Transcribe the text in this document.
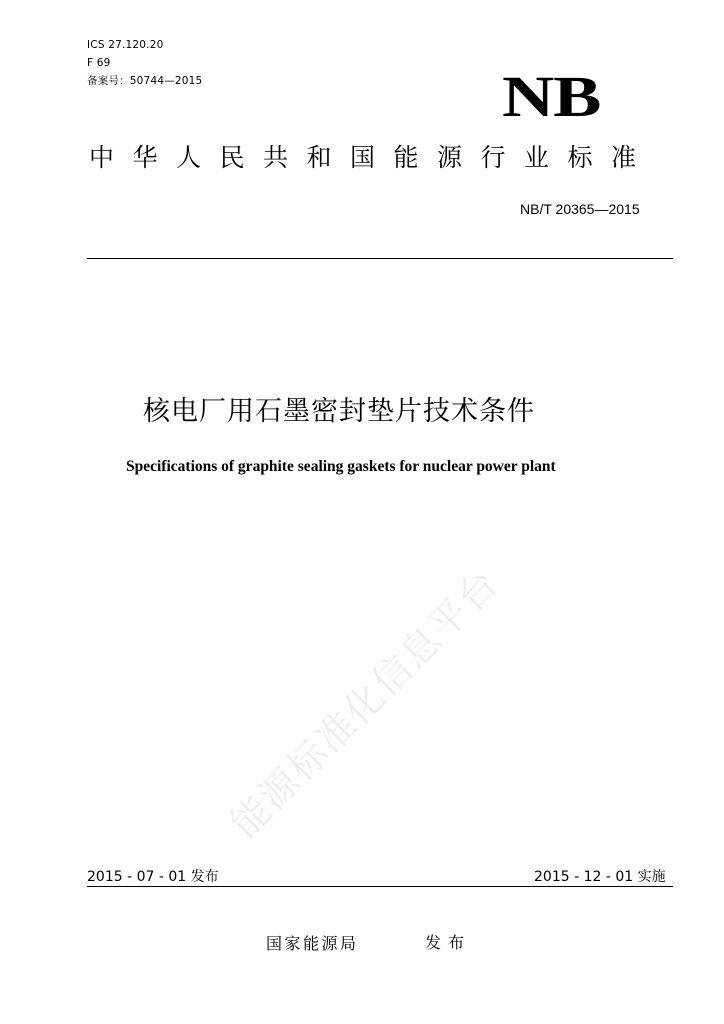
ICS 27.120.20
F 69
备案号：50744—2015	NB
中华人民共和国能源行业标准
NB/T 20365—2015
核电厂用石墨密封垫片技术条件
Specifications of graphite sealing gaskets for nuclear power plant
能源标准化信息平台
2015 - 07 - 01 发布	2015 - 12 - 01 实施
国家能源局	发布
